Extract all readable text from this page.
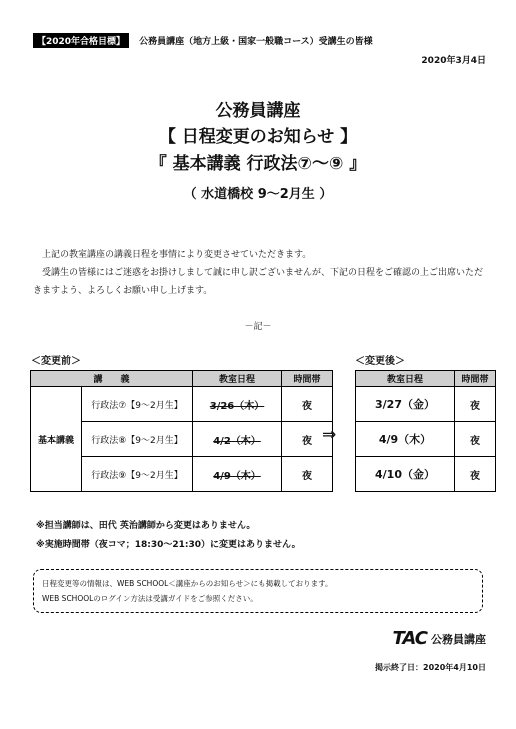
【2020年合格目標】	公務員講座（地方上級・国家一般職コース）受講生の皆様
2020年3月4日
公務員講座
【 日程変更のお知らせ 】
『 基本講義 行政法⑦～⑨ 』
（ 水道橋校 9～2月生 ）
上記の教室講座の講義日程を事情により変更させていただきます。
受講生の皆様にはご迷惑をお掛けしまして誠に申し訳ございませんが、下記の日程をご確認の上ご出席いただきますよう、よろしくお願い申し上げます。
－記－
＜変更前＞	＜変更後＞
講　　義		教室日程	時間帯
基本講義	行政法⑦【9～2月生】	3/26（木）	夜
	行政法⑧【9～2月生】	4/2（木）	夜
	行政法⑨【9～2月生】	4/9（木）	夜
⇒
教室日程	時間帯
3/27（金）	夜
4/9（木）	夜
4/10（金）	夜
※担当講師は、田代 英治講師から変更はありません。
※実施時間帯（夜コマ；18:30～21:30）に変更はありません。
日程変更等の情報は、WEB SCHOOL＜講座からのお知らせ＞にも掲載しております。
WEB SCHOOLのログイン方法は受講ガイドをご参照ください。
TAC 公務員講座
掲示終了日：2020年4月10日
